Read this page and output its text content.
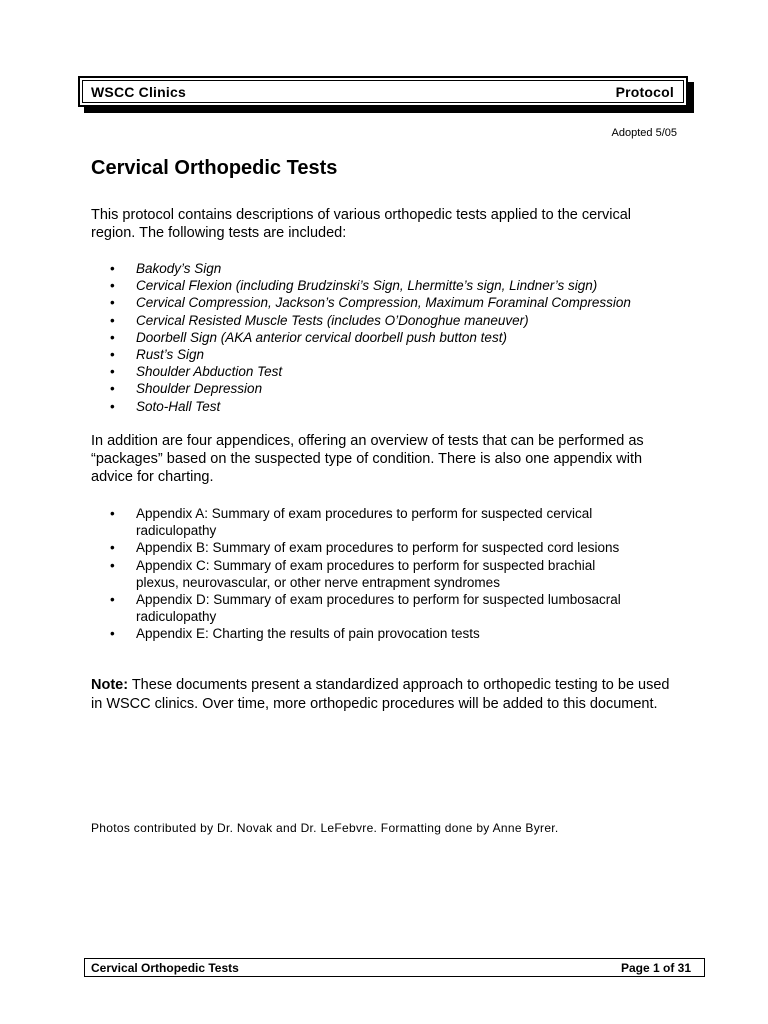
WSCC Clinics	Protocol
Adopted 5/05
Cervical Orthopedic Tests

This protocol contains descriptions of various orthopedic tests applied to the cervical region. The following tests are included:

• Bakody’s Sign
• Cervical Flexion (including Brudzinski’s Sign, Lhermitte’s sign, Lindner’s sign)
• Cervical Compression, Jackson’s Compression, Maximum Foraminal Compression
• Cervical Resisted Muscle Tests (includes O’Donoghue maneuver)
• Doorbell Sign (AKA anterior cervical doorbell push button test)
• Rust’s Sign
• Shoulder Abduction Test
• Shoulder Depression
• Soto-Hall Test

In addition are four appendices, offering an overview of tests that can be performed as “packages” based on the suspected type of condition. There is also one appendix with advice for charting.

• Appendix A: Summary of exam procedures to perform for suspected cervical radiculopathy
• Appendix B: Summary of exam procedures to perform for suspected cord lesions
• Appendix C: Summary of exam procedures to perform for suspected brachial plexus, neurovascular, or other nerve entrapment syndromes
• Appendix D: Summary of exam procedures to perform for suspected lumbosacral radiculopathy
• Appendix E: Charting the results of pain provocation tests

Note: These documents present a standardized approach to orthopedic testing to be used in WSCC clinics. Over time, more orthopedic procedures will be added to this document.

Photos contributed by Dr. Novak and Dr. LeFebvre. Formatting done by Anne Byrer.

Cervical Orthopedic Tests	Page 1 of 31
